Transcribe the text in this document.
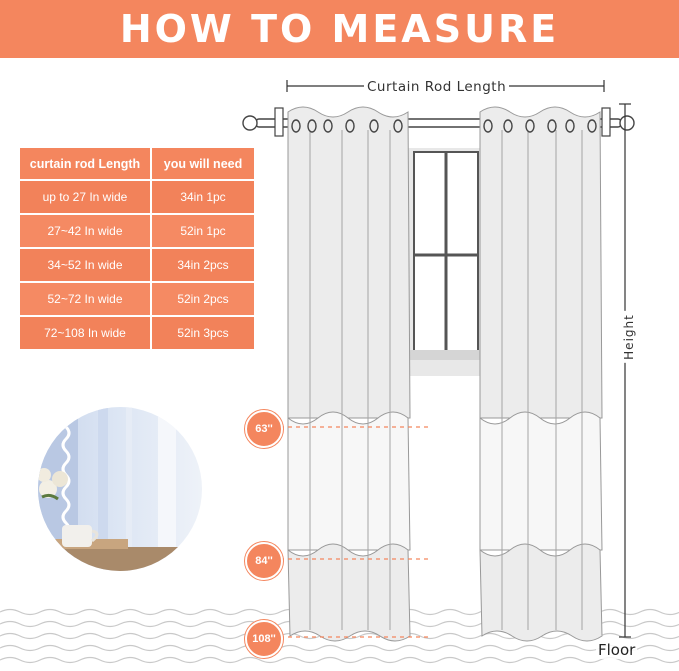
HOW TO MEASURE
curtain rod Length	you will need
up to 27 In wide	34in 1pc
27~42 In wide	52in 1pc
34~52 In wide	34in 2pcs
52~72 In wide	52in 2pcs
72~108 In wide	52in 3pcs
Curtain Rod Length
Height
Floor
63''
84''
108''
